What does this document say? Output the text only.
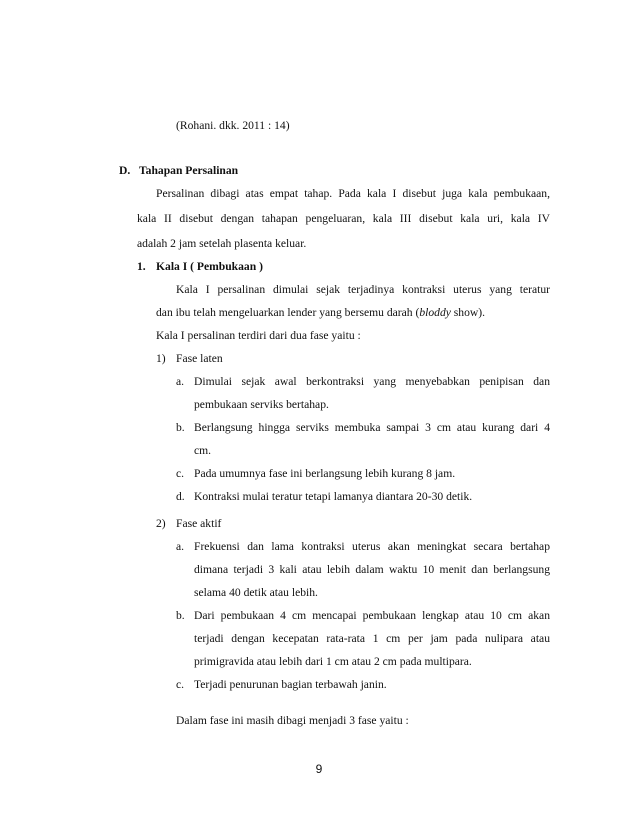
(Rohani. dkk. 2011 : 14)
D. Tahapan Persalinan
Persalinan dibagi atas empat tahap. Pada kala I disebut juga kala pembukaan,
kala II disebut dengan tahapan pengeluaran, kala III disebut kala uri, kala IV
adalah 2 jam setelah plasenta keluar.
1. Kala I ( Pembukaan )
Kala I persalinan dimulai sejak terjadinya kontraksi uterus yang teratur
dan ibu telah mengeluarkan lender yang bersemu darah (bloddy show).
Kala I persalinan terdiri dari dua fase yaitu :
1) Fase laten
a. Dimulai sejak awal berkontraksi yang menyebabkan penipisan dan
pembukaan serviks bertahap.
b. Berlangsung hingga serviks membuka sampai 3 cm atau kurang dari 4
cm.
c. Pada umumnya fase ini berlangsung lebih kurang 8 jam.
d. Kontraksi mulai teratur tetapi lamanya diantara 20-30 detik.
2) Fase aktif
a. Frekuensi dan lama kontraksi uterus akan meningkat secara bertahap
dimana terjadi 3 kali atau lebih dalam waktu 10 menit dan berlangsung
selama 40 detik atau lebih.
b. Dari pembukaan 4 cm mencapai pembukaan lengkap atau 10 cm akan
terjadi dengan kecepatan rata-rata 1 cm per jam pada nulipara atau
primigravida atau lebih dari 1 cm atau 2 cm pada multipara.
c. Terjadi penurunan bagian terbawah janin.
Dalam fase ini masih dibagi menjadi 3 fase yaitu :
9
